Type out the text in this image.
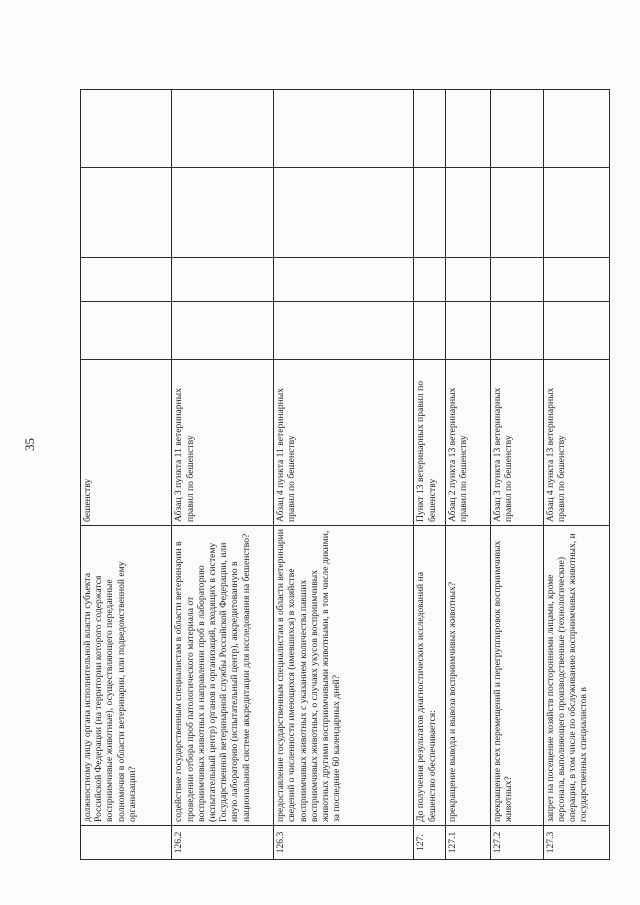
35
	должностному лицу органа исполнительной власти субъекта Российской Федерации (на территории которого содержатся восприимчивые животные), осуществляющего переданные полномочия в области ветеринарии, или подведомственной ему организации?	бешенству				
126.2	содействие государственным специалистам в области ветеринарии в проведении отбора проб патологического материала от восприимчивых животных и направлении проб в лабораторию (испытательный центр) органов и организаций, входящих в систему Государственной ветеринарной службы Российской Федерации, или иную лабораторию (испытательный центр), аккредитованную в национальной системе аккредитации для исследования на бешенство?	Абзац 3 пункта 11 ветеринарных правил по бешенству				
126.3	предоставление государственным специалистам в области ветеринарии сведений о численности имеющихся (имевшихся) в хозяйстве восприимчивых животных с указанием количества павших восприимчивых животных, о случаях укусов восприимчивых животных другими восприимчивыми животными, в том числе дикими, за последние 60 календарных дней?	Абзац 4 пункта 11 ветеринарных правил по бешенству				
127.	До получения результатов диагностических исследований на бешенство обеспечивается:	Пункт 13 ветеринарных правил по бешенству				
127.1	прекращение вывода и вывоза восприимчивых животных?	Абзац 2 пункта 13 ветеринарных правил по бешенству				
127.2	прекращение всех перемещений и перегруппировок восприимчивых животных?	Абзац 3 пункта 13 ветеринарных правил по бешенству				
127.3	запрет на посещение хозяйств посторонними лицами, кроме персонала, выполняющего производственные (технологические) операции, в том числе по обслуживанию восприимчивых животных, и государственных специалистов в	Абзац 4 пункта 13 ветеринарных правил по бешенству				
